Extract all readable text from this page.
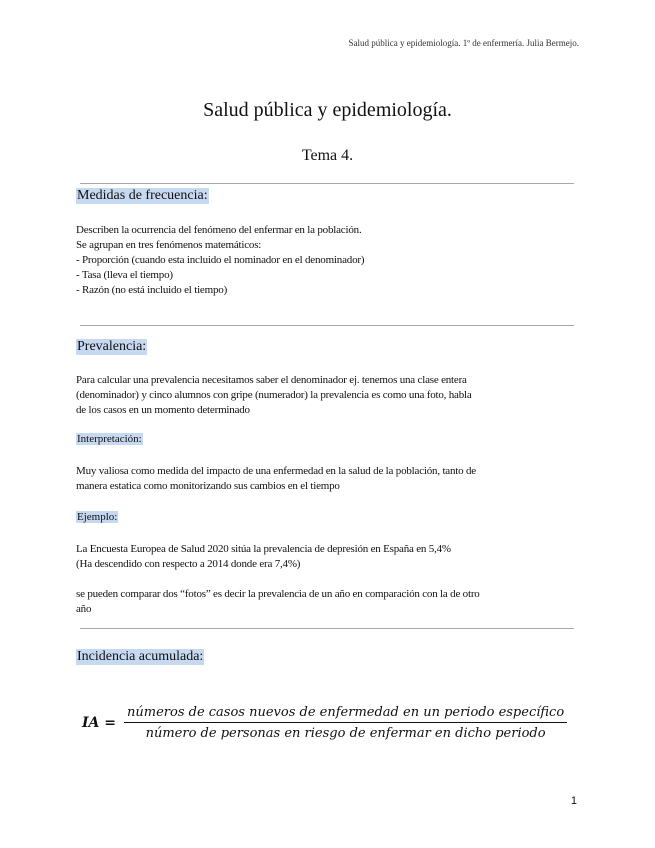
Salud pública y epidemiología. 1º de enfermería. Julia Bermejo.
Salud pública y epidemiología.
Tema 4.
Medidas de frecuencia:
Describen la ocurrencia del fenómeno del enfermar en la población.
Se agrupan en tres fenómenos matemáticos:
- Proporción (cuando esta incluido el nominador en el denominador)
- Tasa (lleva el tiempo)
- Razón (no está incluido el tiempo)
Prevalencia:
Para calcular una prevalencia necesitamos saber el denominador ej. tenemos una clase entera
(denominador) y cinco alumnos con gripe (numerador) la prevalencia es como una foto, habla
de los casos en un momento determinado
Interpretación:
Muy valiosa como medida del impacto de una enfermedad en la salud de la población, tanto de
manera estatica como monitorizando sus cambios en el tiempo
Ejemplo:
La Encuesta Europea de Salud 2020 sitúa la prevalencia de depresión en España en 5,4%
(Ha descendido con respecto a 2014 donde era 7,4%)
se pueden comparar dos “fotos” es decir la prevalencia de un año en comparación con la de otro
año
Incidencia acumulada:
IA =
números de casos nuevos de enfermedad en un periodo específico
número de personas en riesgo de enfermar en dicho periodo
1
